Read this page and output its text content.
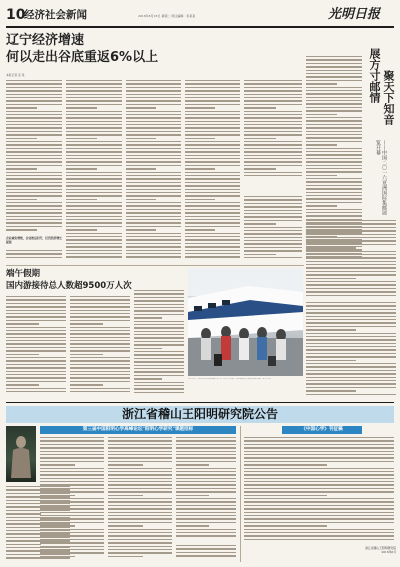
10
经济社会新闻	2016年8月16日 星期二 责任编辑：李某某	光明日报
辽宁经济增速
何以走出谷底重返6%以上
本报记者 张 某
企业减负增效，企业效益回升，民营经济增长提速
展方寸邮情 聚天下知音
——中国二〇一六亚洲国际集邮展览开幕
端午假期
国内游接待总人数超9500万人次
6月12日，游客在沈阳北站乘车出行。端午小长假，各地铁路部门迎来客流高峰。新华社发
浙江省稽山王阳明研究院公告
第三届中国阳明心学高峰论坛"阳明心学研究"课题招标	《中国心学》刊征稿
浙江省稽山王阳明研究院
2016年6月
